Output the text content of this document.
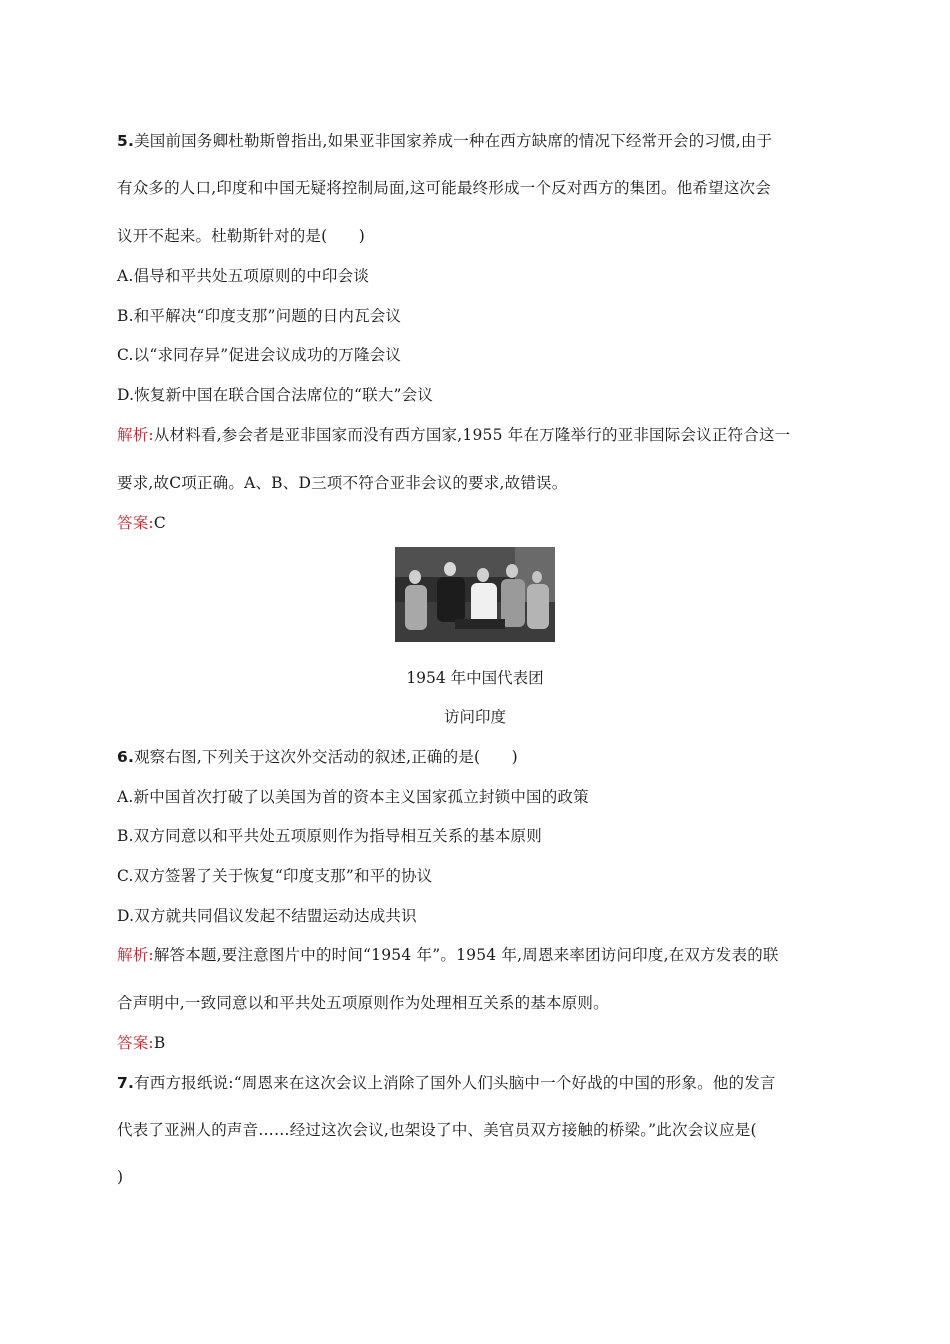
5.美国前国务卿杜勒斯曾指出,如果亚非国家养成一种在西方缺席的情况下经常开会的习惯,由于
有众多的人口,印度和中国无疑将控制局面,这可能最终形成一个反对西方的集团。他希望这次会
议开不起来。杜勒斯针对的是(　　)
A.倡导和平共处五项原则的中印会谈
B.和平解决“印度支那”问题的日内瓦会议
C.以“求同存异”促进会议成功的万隆会议
D.恢复新中国在联合国合法席位的“联大”会议
解析:从材料看,参会者是亚非国家而没有西方国家,1955 年在万隆举行的亚非国际会议正符合这一
要求,故C项正确。A、B、D三项不符合亚非会议的要求,故错误。
答案:C
1954 年中国代表团
访问印度
6.观察右图,下列关于这次外交活动的叙述,正确的是(　　)
A.新中国首次打破了以美国为首的资本主义国家孤立封锁中国的政策
B.双方同意以和平共处五项原则作为指导相互关系的基本原则
C.双方签署了关于恢复“印度支那”和平的协议
D.双方就共同倡议发起不结盟运动达成共识
解析:解答本题,要注意图片中的时间“1954 年”。1954 年,周恩来率团访问印度,在双方发表的联
合声明中,一致同意以和平共处五项原则作为处理相互关系的基本原则。
答案:B
7.有西方报纸说:“周恩来在这次会议上消除了国外人们头脑中一个好战的中国的形象。他的发言
代表了亚洲人的声音……经过这次会议,也架设了中、美官员双方接触的桥梁。”此次会议应是(
)
